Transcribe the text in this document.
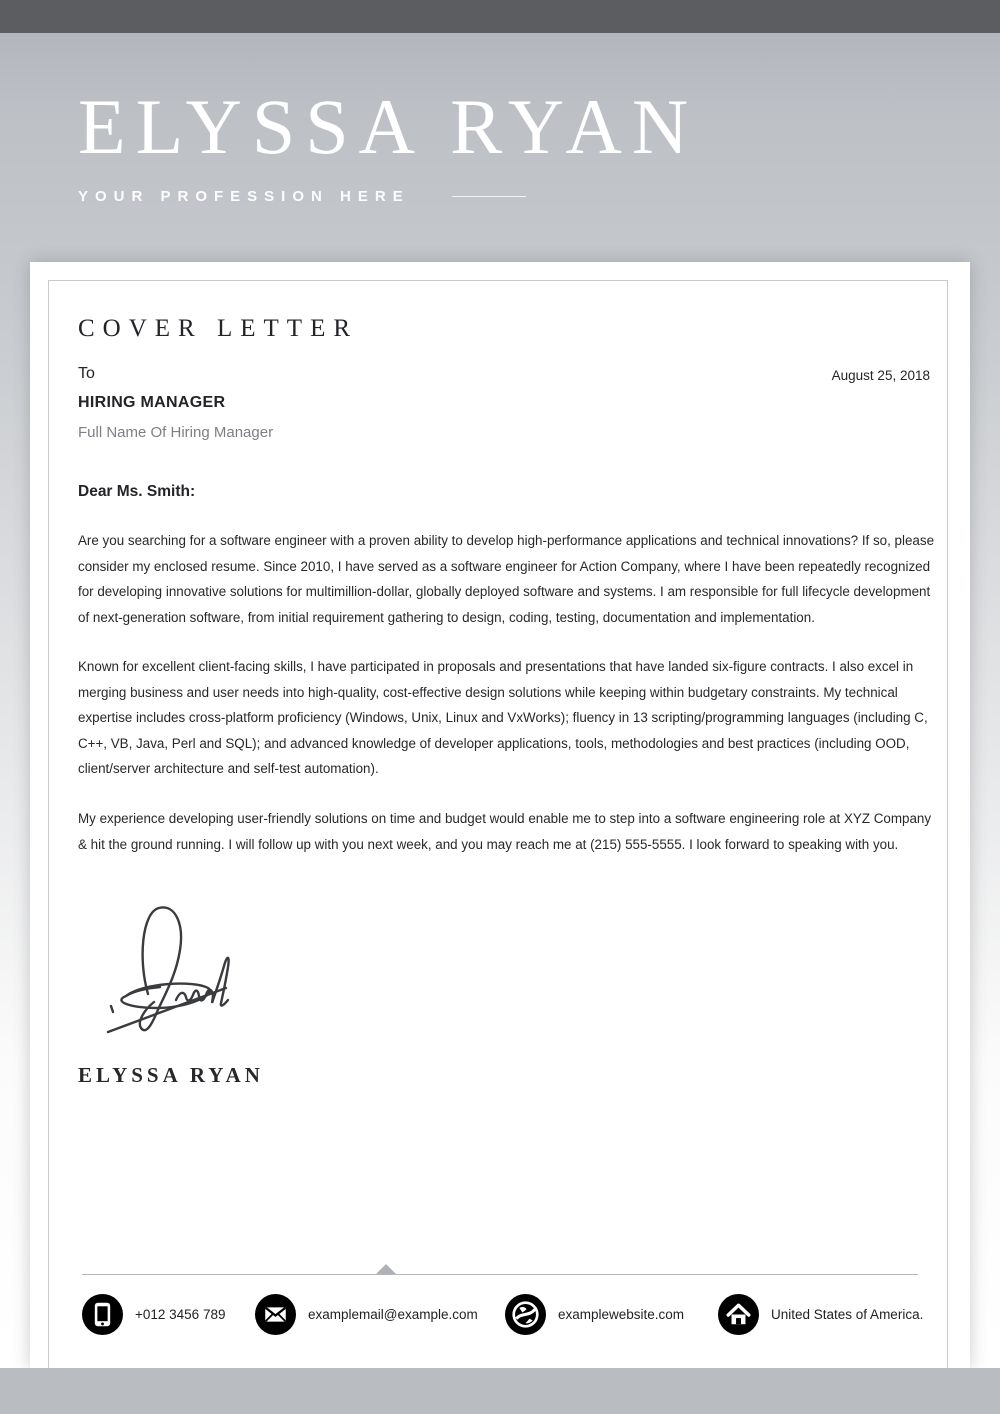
ELYSSA RYAN
YOUR PROFESSION HERE
COVER LETTER
To	August 25, 2018
HIRING MANAGER
Full Name Of Hiring Manager
Dear Ms. Smith:
Are you searching for a software engineer with a proven ability to develop high-performance applications and technical innovations? If so, please consider my enclosed resume. Since 2010, I have served as a software engineer for Action Company, where I have been repeatedly recognized for developing innovative solutions for multimillion-dollar, globally deployed software and systems. I am responsible for full lifecycle development of next-generation software, from initial requirement gathering to design, coding, testing, documentation and implementation.
Known for excellent client-facing skills, I have participated in proposals and presentations that have landed six-figure contracts. I also excel in merging business and user needs into high-quality, cost-effective design solutions while keeping within budgetary constraints. My technical expertise includes cross-platform proficiency (Windows, Unix, Linux and VxWorks); fluency in 13 scripting/programming languages (including C, C++, VB, Java, Perl and SQL); and advanced knowledge of developer applications, tools, methodologies and best practices (including OOD, client/server architecture and self-test automation).
My experience developing user-friendly solutions on time and budget would enable me to step into a software engineering role at XYZ Company & hit the ground running. I will follow up with you next week, and you may reach me at (215) 555-5555. I look forward to speaking with you.
ELYSSA RYAN
+012 3456 789	examplemail@example.com	examplewebsite.com	United States of America.
